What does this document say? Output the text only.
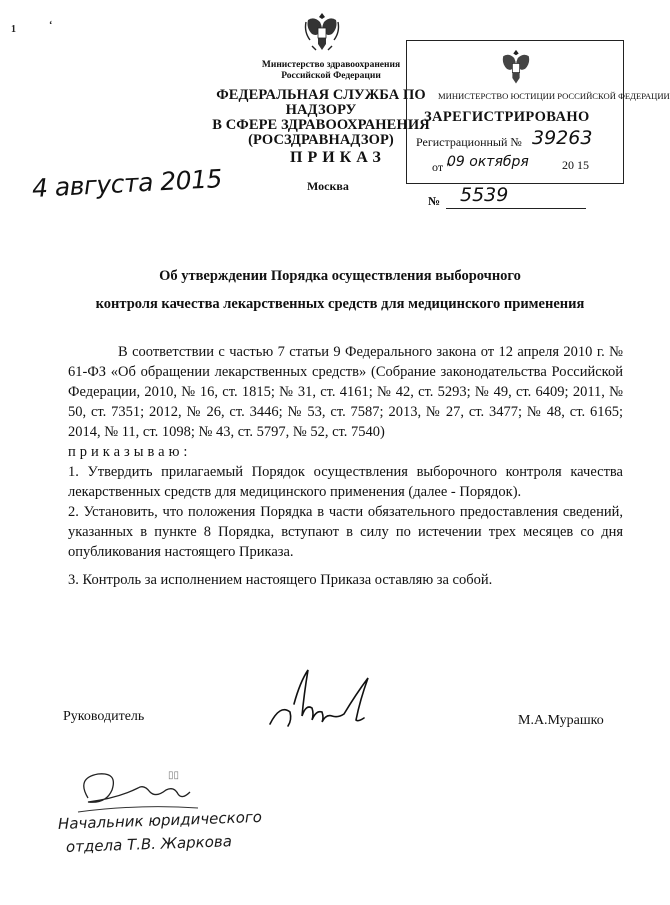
1	ʻ
Министерство здравоохранения
Российской Федерации
ФЕДЕРАЛЬНАЯ СЛУЖБА ПО НАДЗОРУ
В СФЕРЕ ЗДРАВООХРАНЕНИЯ
(РОСЗДРАВНАДЗОР)
ПРИКАЗ
Москва
МИНИСТЕРСТВО ЮСТИЦИИ РОССИЙСКОЙ ФЕДЕРАЦИИ
ЗАРЕГИСТРИРОВАНО
Регистрационный № 39263
от "
09 октября	20 15
№ 5539
4 августа 2015
Об утверждении Порядка осуществления выборочного
контроля качества лекарственных средств для медицинского применения

В соответствии с частью 7 статьи 9 Федерального закона от 12 апреля 2010 г. № 61-ФЗ «Об обращении лекарственных средств» (Собрание законодательства Российской Федерации, 2010, № 16, ст. 1815; № 31, ст. 4161; № 42, ст. 5293; № 49, ст. 6409; 2011, № 50, ст. 7351; 2012, № 26, ст. 3446; № 53, ст. 7587; 2013, № 27, ст. 3477; № 48, ст. 6165; 2014, № 11, ст. 1098; № 43, ст. 5797, № 52, ст. 7540)

приказываю:

1. Утвердить прилагаемый Порядок осуществления выборочного контроля качества лекарственных средств для медицинского применения (далее - Порядок).

2. Установить, что положения Порядка в части обязательного предоставления сведений, указанных в пункте 8 Порядка, вступают в силу по истечении трех месяцев со дня опубликования настоящего Приказа.

3. Контроль за исполнением настоящего Приказа оставляю за собой.

Руководитель	М.А.Мурашко
▯▯
Начальник юридического
отдела Т.В. Жаркова
